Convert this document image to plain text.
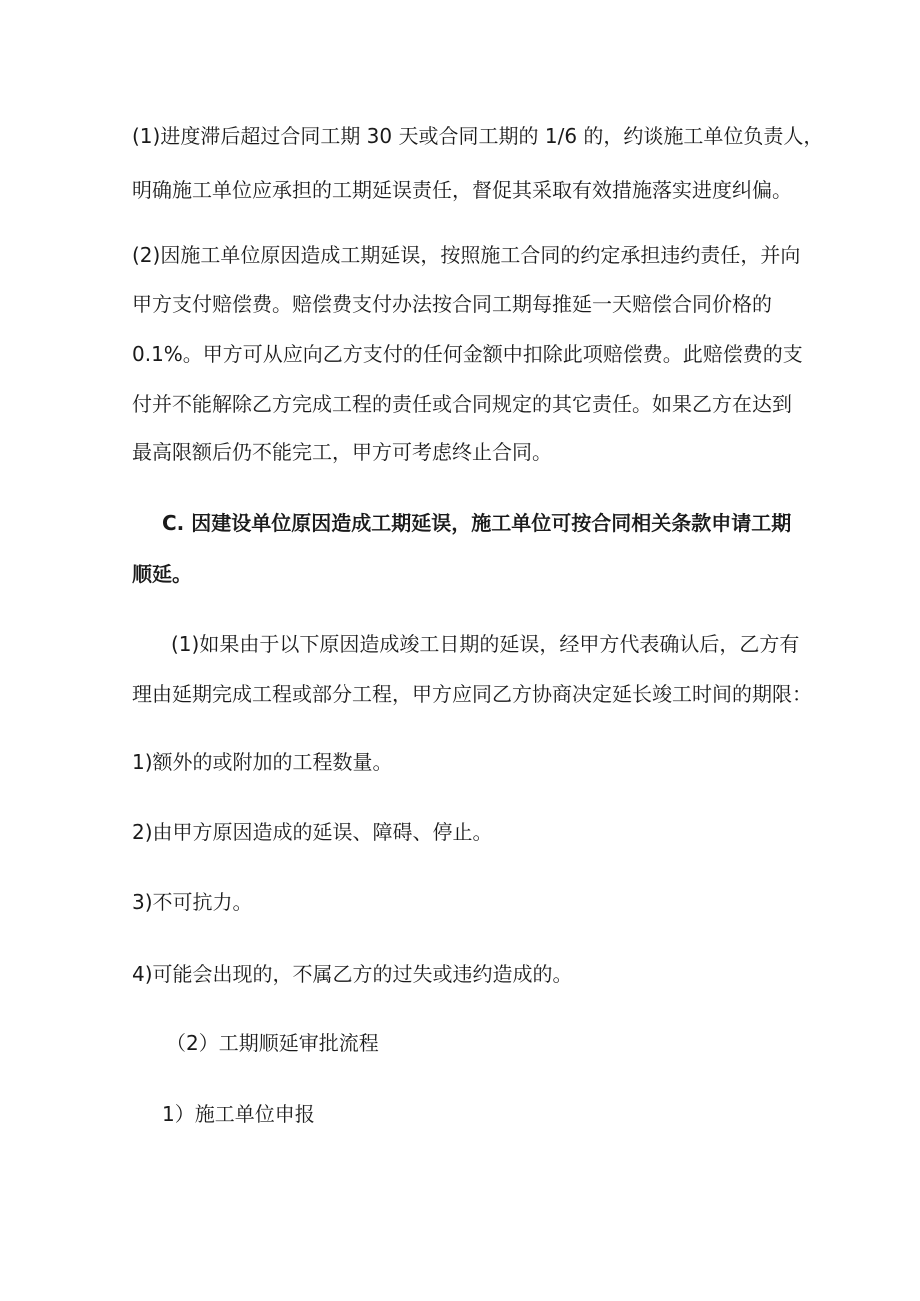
(1)进度滞后超过合同工期 30 天或合同工期的 1/6 的，约谈施工单位负责人，
明确施工单位应承担的工期延误责任，督促其采取有效措施落实进度纠偏。
(2)因施工单位原因造成工期延误，按照施工合同的约定承担违约责任，并向
甲方支付赔偿费。赔偿费支付办法按合同工期每推延一天赔偿合同价格的
0.1%。甲方可从应向乙方支付的任何金额中扣除此项赔偿费。此赔偿费的支
付并不能解除乙方完成工程的责任或合同规定的其它责任。如果乙方在达到
最高限额后仍不能完工，甲方可考虑终止合同。
C. 因建设单位原因造成工期延误，施工单位可按合同相关条款申请工期
顺延。
(1)如果由于以下原因造成竣工日期的延误，经甲方代表确认后，乙方有
理由延期完成工程或部分工程，甲方应同乙方协商决定延长竣工时间的期限：
1)额外的或附加的工程数量。
2)由甲方原因造成的延误、障碍、停止。
3)不可抗力。
4)可能会出现的，不属乙方的过失或违约造成的。
（2）工期顺延审批流程
1）施工单位申报
